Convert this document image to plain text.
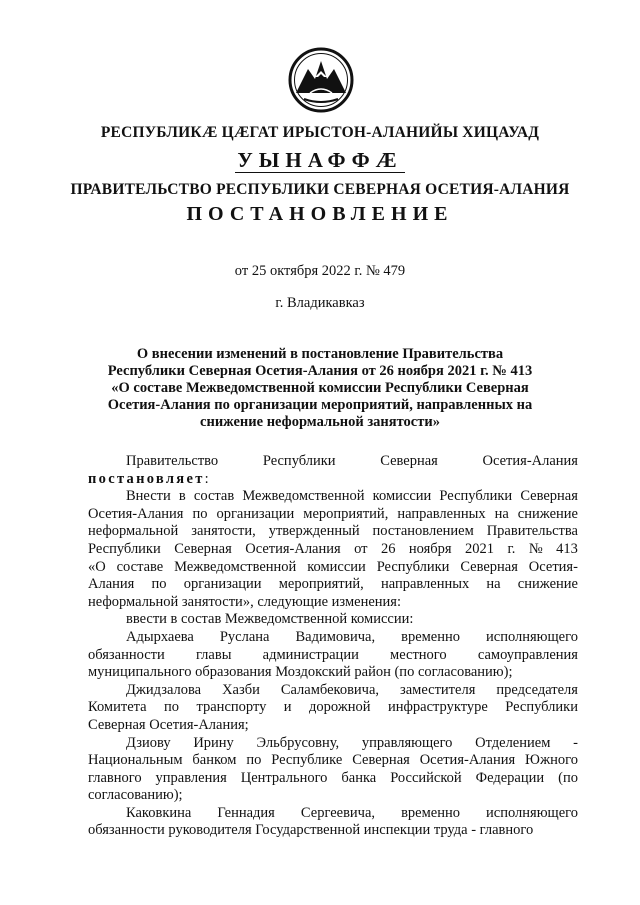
РЕСПУБЛИКӔ ЦӔГАТ ИРЫСТОН-АЛАНИЙЫ ХИЦАУАД
УЫНАФФӔ
ПРАВИТЕЛЬСТВО РЕСПУБЛИКИ СЕВЕРНАЯ ОСЕТИЯ-АЛАНИЯ
ПОСТАНОВЛЕНИЕ
от 25 октября 2022 г. № 479
г. Владикавказ
О внесении изменений в постановление Правительства
Республики Северная Осетия-Алания от 26 ноября 2021 г. № 413
«О составе Межведомственной комиссии Республики Северная
Осетия-Алания по организации мероприятий, направленных на
снижение неформальной занятости»
Правительство	Республики	Северная	Осетия-Алания
постановляет:
Внести в состав Межведомственной комиссии Республики Северная
Осетия-Алания по организации мероприятий, направленных на снижение
неформальной занятости, утвержденный постановлением Правительства
Республики Северная Осетия-Алания от 26 ноября 2021 г. № 413
«О составе Межведомственной комиссии Республики Северная Осетия-
Алания по организации мероприятий, направленных на снижение
неформальной занятости», следующие изменения:
ввести в состав Межведомственной комиссии:
Адырхаева Руслана Вадимовича, временно исполняющего
обязанности главы администрации местного самоуправления
муниципального образования Моздокский район (по согласованию);
Джидзалова Хазби Саламбековича, заместителя председателя
Комитета по транспорту и дорожной инфраструктуре Республики
Северная Осетия-Алания;
Дзиову Ирину Эльбрусовну, управляющего Отделением -
Национальным банком по Республике Северная Осетия-Алания Южного
главного управления Центрального банка Российской Федерации (по
согласованию);
Каковкина Геннадия Сергеевича, временно исполняющего
обязанности руководителя Государственной инспекции труда - главного
